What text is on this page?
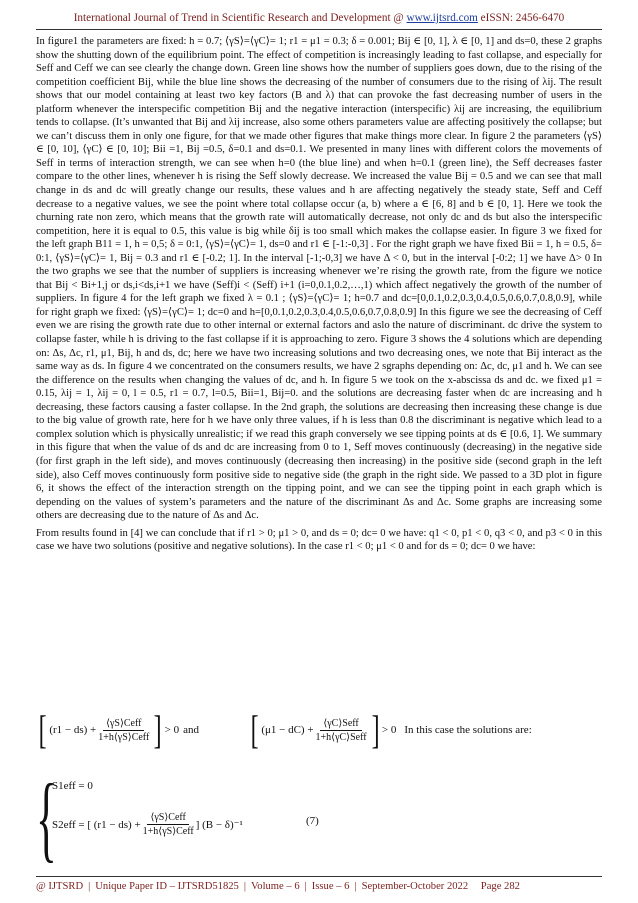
International Journal of Trend in Scientific Research and Development @ www.ijtsrd.com eISSN: 2456-6470

In figure1 the parameters are fixed: h = 0.7; ⟨γS⟩=⟨γC⟩= 1; r1 = μ1 = 0.3; δ = 0.001; Bij ∈ [0, 1], λ ∈ [0, 1] and ds=0, these 2 graphs show the shutting down of the equilibrium point. The effect of competition is increasingly leading to fast collapse, and especially for Seff and Ceff we can see clearly the change down. Green line shows how the number of suppliers goes down, due to the rising of the competition coefficient Bij, while the blue line shows the decreasing of the number of consumers due to the rising of λij. The result shows that our model containing at least two key factors (B and λ) that can provoke the fast decreasing number of users in the platform whenever the interspecific competition Bij and the negative interaction (interspecific) λij are increasing, the equilibrium tends to collapse. (It’s unwanted that Bij and λij increase, also some others parameters value are affecting positively the collapse; but we can’t discuss them in only one figure, for that we made other figures that make things more clear. In figure 2 the parameters ⟨γS⟩ ∈ [0, 10], ⟨γC⟩ ∈ [0, 10]; Bii =1, Bij =0.5, δ=0.1 and ds=0.1. We presented in many lines with different colors the movements of Seff in terms of interaction strength, we can see when h=0 (the blue line) and when h=0.1 (green line), the Seff decreases faster compare to the other lines, whenever h is rising the Seff slowly decrease. We increased the value Bij = 0.5 and we can see that mall change in ds and dc will greatly change our results, these values and h are affecting negatively the steady state, Seff and Ceff decrease to a negative values, we see the point where total collapse occur (a, b) where a ∈ [6, 8] and b ∈ [0, 1]. Here we took the churning rate non zero, which means that the growth rate will automatically decrease, not only dc and ds but also the interspecific competition, here it is equal to 0.5, this value is big while δij is too small which makes the collapse easier. In figure 3 we fixed for the left graph B11 = 1, h = 0,5; δ = 0:1, ⟨γS⟩=⟨γC⟩= 1, ds=0 and r1 ∈ [-1:-0,3] . For the right graph we have fixed Bii = 1, h = 0.5, δ= 0:1, ⟨γS⟩=⟨γC⟩= 1, Bij = 0.3 and r1 ∈ [-0.2; 1]. In the interval [-1;-0,3] we have Δ < 0, but in the interval [-0:2; 1] we have Δ> 0 In the two graphs we see that the number of suppliers is increasing whenever we’re rising the growth rate, from the figure we notice that Bij < Bi+1,j or ds,i<ds,i+1 we have (Seff)i < (Seff) i+1 (i=0,0.1,0.2,…,1) which affect negatively the growth of the number of suppliers. In figure 4 for the left graph we fixed λ = 0.1 ; ⟨γS⟩=⟨γC⟩= 1; h=0.7 and dc=[0,0.1,0.2,0.3,0.4,0.5,0.6,0.7,0.8,0.9], while for right graph we fixed: ⟨γS⟩=⟨γC⟩= 1; dc=0 and h=[0,0.1,0.2,0.3,0.4,0.5,0.6,0.7,0.8,0.9] In this figure we see the decreasing of Ceff even we are rising the growth rate due to other internal or external factors and aslo the nature of discriminant. dc drive the system to collapse faster, while h is driving to the fast collapse if it is approaching to zero. Figure 3 shows the 4 solutions which are depending on: Δs, Δc, r1, μ1, Bij, h and ds, dc; here we have two increasing solutions and two decreasing ones, we note that Bij interact as the same way as ds. In figure 4 we concentrated on the consumers results, we have 2 sgraphs depending on: Δc, dc, μ1 and h. We can see the difference on the results when changing the values of dc, and h. In figure 5 we took on the x-abscissa ds and dc. we fixed μ1 = 0.15, λij = 1, λij = 0, l = 0.5, r1 = 0.7, l=0.5, Bii=1, Bij=0. and the solutions are decreasing faster when dc are increasing and h decreasing, these factors causing a faster collapse. In the 2nd graph, the solutions are decreasing then increasing these change is due to the big value of growth rate, here for h we have only three values, if h is less than 0.8 the discriminant is negative which lead to a complex solution which is physically unrealistic; if we read this graph conversely we see tipping points at ds ∈ [0.6, 1]. We summary in this figure that when the value of ds and dc are increasing from 0 to 1, Seff moves continuously (decreasing) in the negative side (for first graph in the left side), and moves continuously (decreasing then increasing) in the positive side (second graph in the left side), also Ceff moves continuously form positive side to negative side (the graph in the right side. We passed to a 3D plot in figure 6, it shows the effect of the interaction strength on the tipping point, and we can see the tipping point in each graph which is depending on the values of system’s parameters and the nature of the discriminant Δs and Δc. Some graphs are increasing some others are decreasing due to the nature of Δs and Δc.

From results found in [4] we can conclude that if r1 > 0; μ1 > 0, and ds = 0; dc= 0 we have: q1 < 0, p1 < 0, q3 < 0, and p3 < 0 in this case we have two solutions (positive and negative solutions). In the case r1 < 0; μ1 < 0 and for ds = 0; dc= 0 we have:

[ $(r1 - ds) + \frac{\text{⟨γS⟩Ceff}}{\text{1+h⟨γS⟩Ceff}}$ ] > 0 and [ $(\mu 1 - dC) + \frac{\text{⟨γC⟩Seff}}{\text{1+h⟨γC⟩Seff}}$ ] > 0 In this case the solutions are:
{
S1eff = 0
S2eff = [ $(r1 - ds) + \frac{\text{⟨γS⟩Ceff}}{\text{1+h⟨γS⟩Ceff}}$ ] (B − δ)⁻¹	(7)
@ IJTSRD | Unique Paper ID – IJTSRD51825 | Volume – 6 | Issue – 6 | September-October 2022 Page 282
